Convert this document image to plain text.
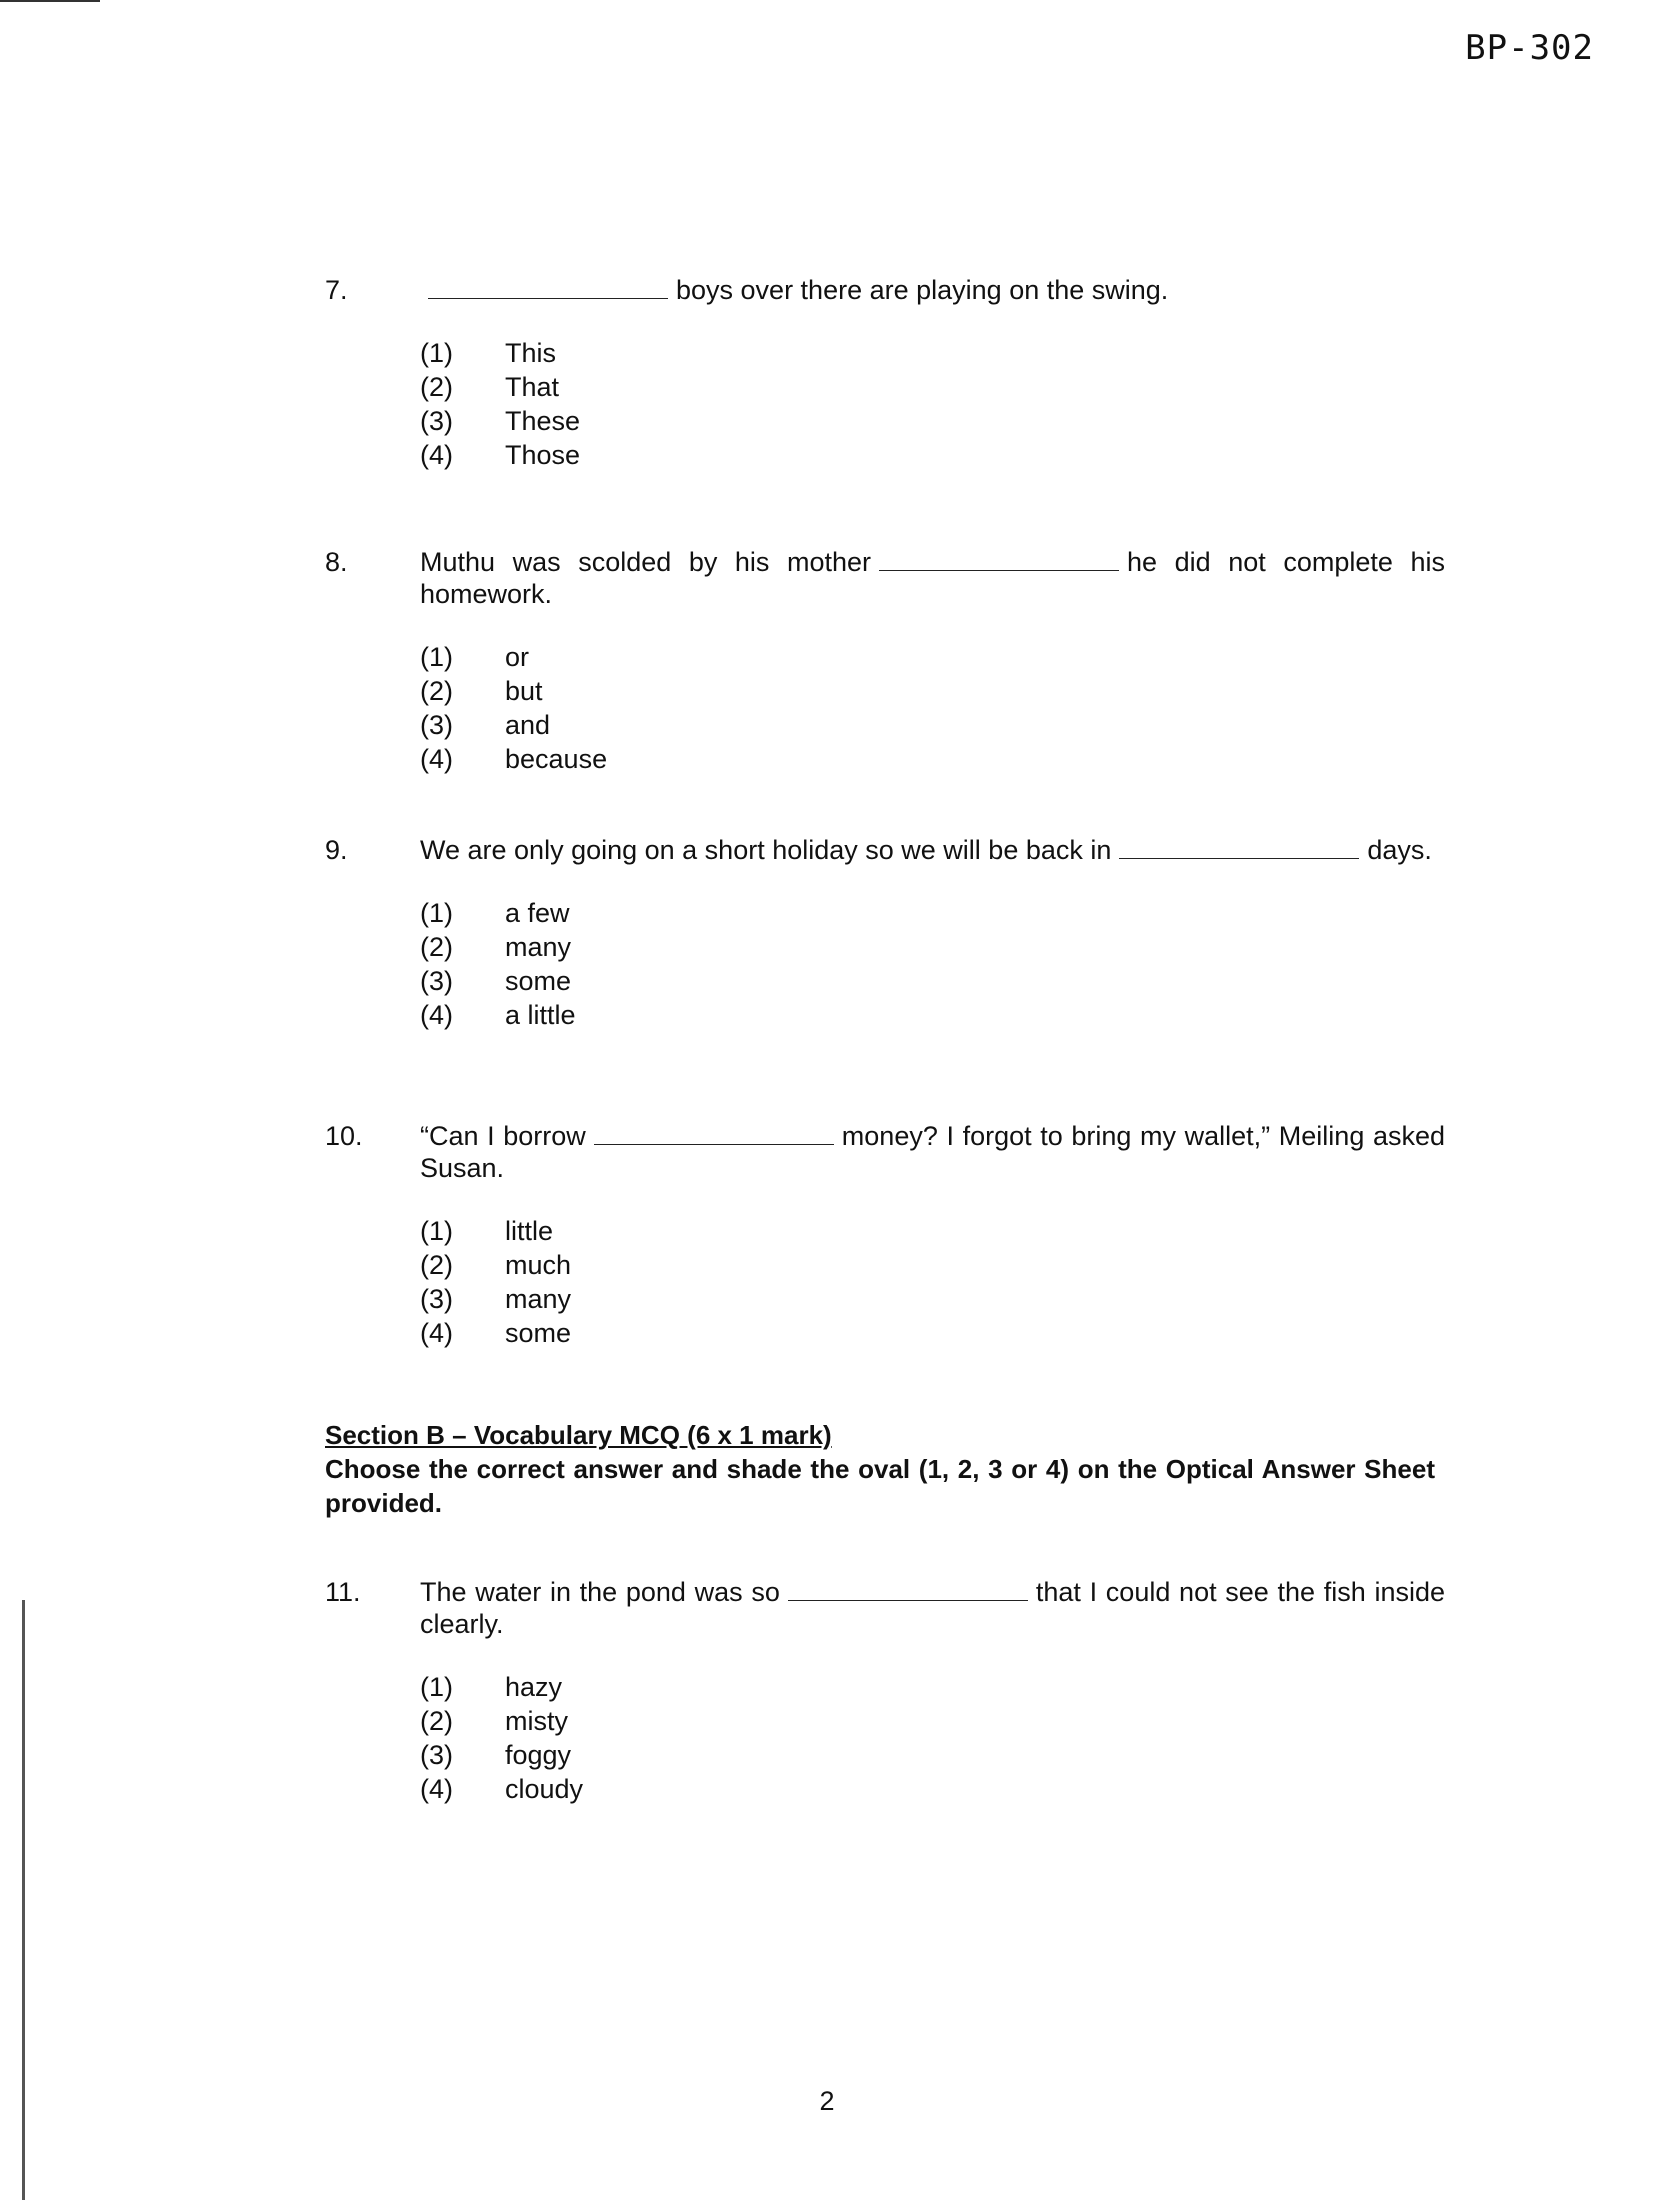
BP-302
7.	boys over there are playing on the swing.
(1)	This
(2)	That
(3)	These
(4)	Those
8.	Muthu was scolded by his mother	he did not complete his homework.
(1)	or
(2)	but
(3)	and
(4)	because
9.	We are only going on a short holiday so we will be back in	days.
(1)	a few
(2)	many
(3)	some
(4)	a little
10.	“Can I borrow	money? I forgot to bring my wallet,” Meiling asked Susan.
(1)	little
(2)	much
(3)	many
(4)	some
Section B – Vocabulary MCQ (6 x 1 mark)
Choose the correct answer and shade the oval (1, 2, 3 or 4) on the Optical Answer Sheet provided.
11.	The water in the pond was so	that I could not see the fish inside clearly.
(1)	hazy
(2)	misty
(3)	foggy
(4)	cloudy
2
